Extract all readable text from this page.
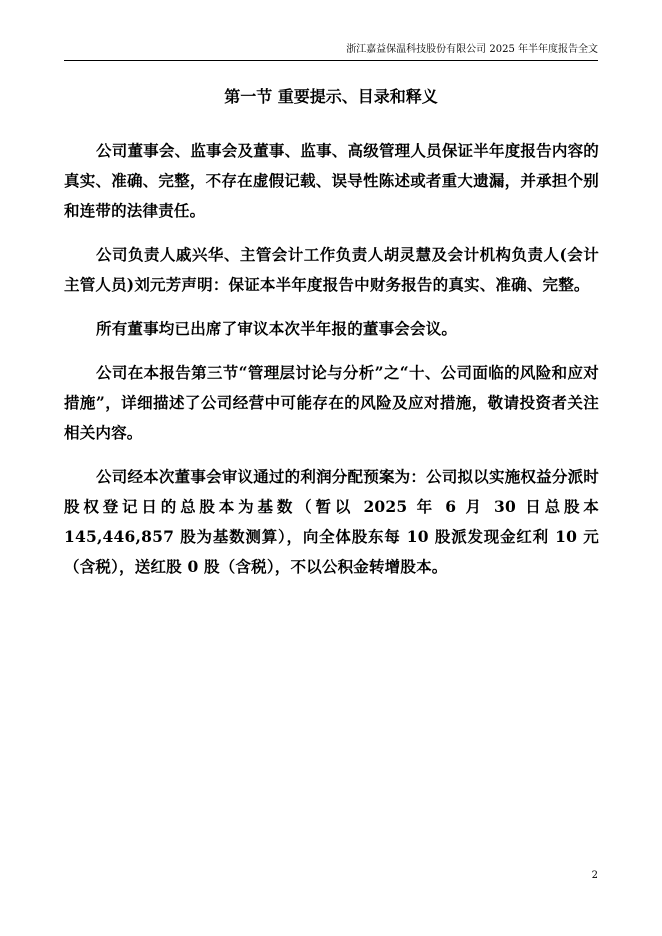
浙江嘉益保温科技股份有限公司 2025 年半年度报告全文
第一节 重要提示、目录和释义

公司董事会、监事会及董事、监事、高级管理人员保证半年度报告内容的真实、准确、完整，不存在虚假记载、误导性陈述或者重大遗漏，并承担个别和连带的法律责任。

公司负责人戚兴华、主管会计工作负责人胡灵慧及会计机构负责人(会计主管人员)刘元芳声明：保证本半年度报告中财务报告的真实、准确、完整。

所有董事均已出席了审议本次半年报的董事会会议。

公司在本报告第三节“管理层讨论与分析”之“十、公司面临的风险和应对措施”，详细描述了公司经营中可能存在的风险及应对措施，敬请投资者关注相关内容。

公司经本次董事会审议通过的利润分配预案为：公司拟以实施权益分派时股权登记日的总股本为基数（暂以 2025 年 6 月 30 日总股本 145,446,857 股为基数测算），向全体股东每 10 股派发现金红利 10 元（含税），送红股 0 股（含税），不以公积金转增股本。

2
